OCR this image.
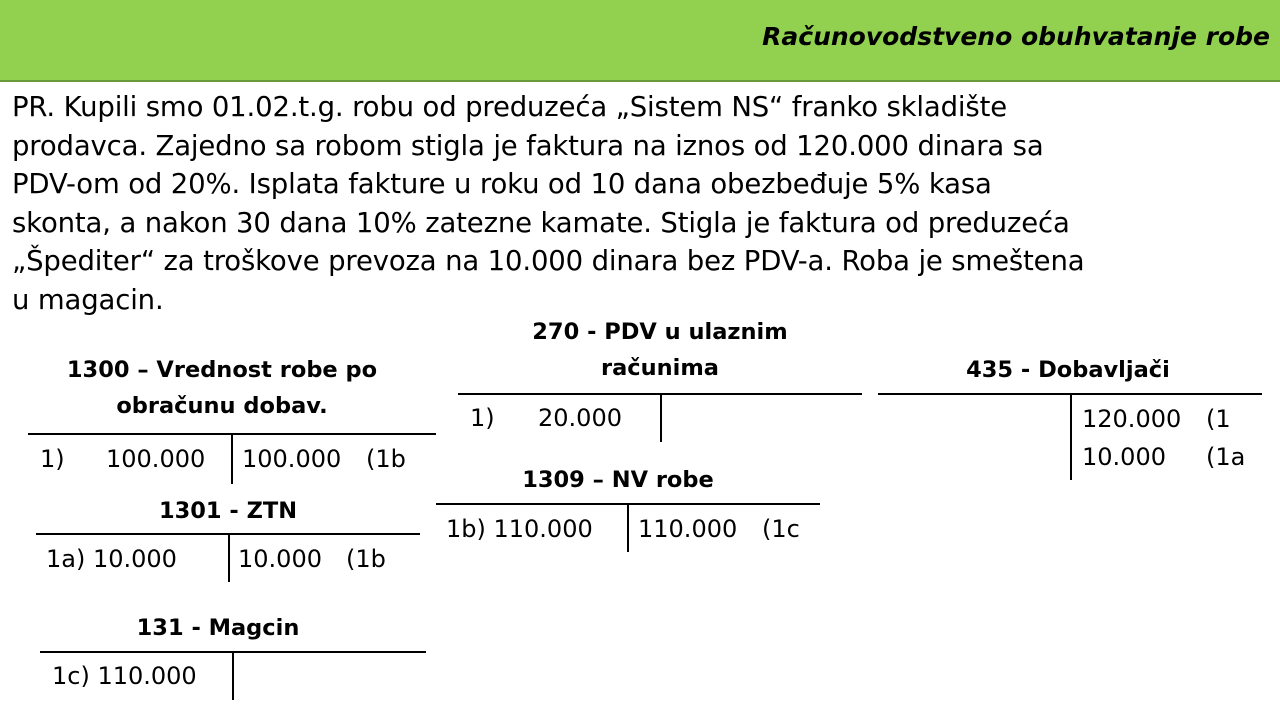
Računovodstveno obuhvatanje robe
PR. Kupili smo 01.02.t.g. robu od preduzeća „Sistem NS“ franko skladište
prodavca. Zajedno sa robom stigla je faktura na iznos od 120.000 dinara sa
PDV-om od 20%. Isplata fakture u roku od 10 dana obezbeđuje 5% kasa
skonta, a nakon 30 dana 10% zatezne kamate. Stigla je faktura od preduzeća
„Špediter“ za troškove prevoza na 10.000 dinara bez PDV-a. Roba je smeštena
u magacin.
1300 – Vrednost robe po
obračunu dobav.
1) 100.000 100.000 (1b
1301 - ZTN
1a) 10.000	10.000 (1b
131 - Magcin
1c) 110.000
270 - PDV u ulaznim
računima
1) 20.000
1309 – NV robe
1b) 110.000 110.000 (1c
435 - Dobavljači
120.000 (1
10.000 (1a
